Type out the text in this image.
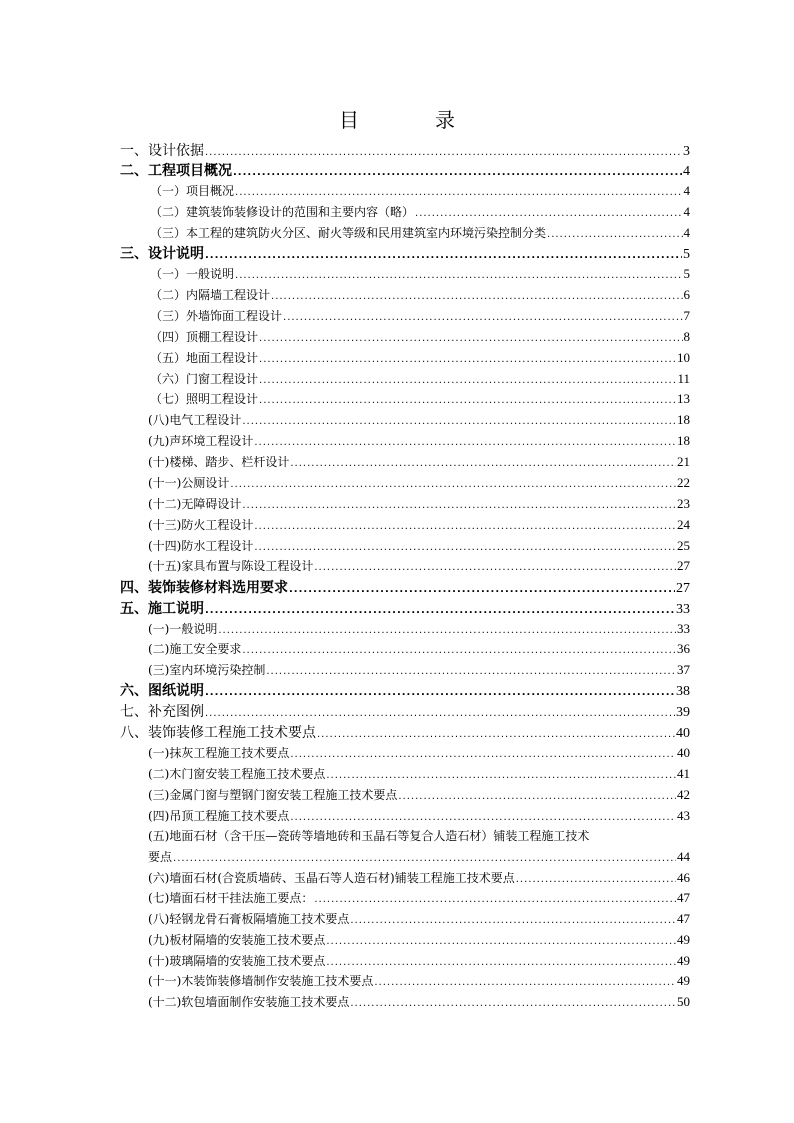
目　录
一、设计依据 .....	3
二、工程项目概况 .....	4
（一）项目概况 .....	4
（二）建筑装饰装修设计的范围和主要内容（略） .....	4
（三）本工程的建筑防火分区、耐火等级和民用建筑室内环境污染控制分类 .....	4
三、设计说明 .....	5
（一）一般说明 .....	5
（二）内隔墙工程设计 .....	6
（三）外墙饰面工程设计 .....	7
（四）顶棚工程设计 .....	8
（五）地面工程设计 .....	10
（六）门窗工程设计 .....	11
（七）照明工程设计 .....	13
(八)电气工程设计 .....	18
(九)声环境工程设计 .....	18
(十)楼梯、踏步、栏杆设计 .....	21
(十一)公厕设计 .....	22
(十二)无障碍设计 .....	23
(十三)防火工程设计 .....	24
(十四)防水工程设计 .....	25
(十五)家具布置与陈设工程设计 .....	27
四、装饰装修材料选用要求 .....	27
五、施工说明 .....	33
(一)一般说明 .....	33
(二)施工安全要求 .....	36
(三)室内环境污染控制 .....	37
六、图纸说明 .....	38
七、补充图例 .....	39
八、装饰装修工程施工技术要点 .....	40
(一)抹灰工程施工技术要点 .....	40
(二)木门窗安装工程施工技术要点 .....	41
(三)金属门窗与塑钢门窗安装工程施工技术要点 .....	42
(四)吊顶工程施工技术要点 .....	43
(五)地面石材（含干压—瓷砖等墙地砖和玉晶石等复合人造石材）铺装工程施工技术
要点 .....	44
(六)墙面石材(合瓷质墙砖、玉晶石等人造石材)铺装工程施工技术要点 .....	46
(七)墙面石材干挂法施工要点： .....	47
(八)轻钢龙骨石膏板隔墙施工技术要点 .....	47
(九)板材隔墙的安装施工技术要点 .....	49
(十)玻璃隔墙的安装施工技术要点 .....	49
(十一)木装饰装修墙制作安装施工技术要点 .....	49
(十二)软包墙面制作安装施工技术要点 .....	50
